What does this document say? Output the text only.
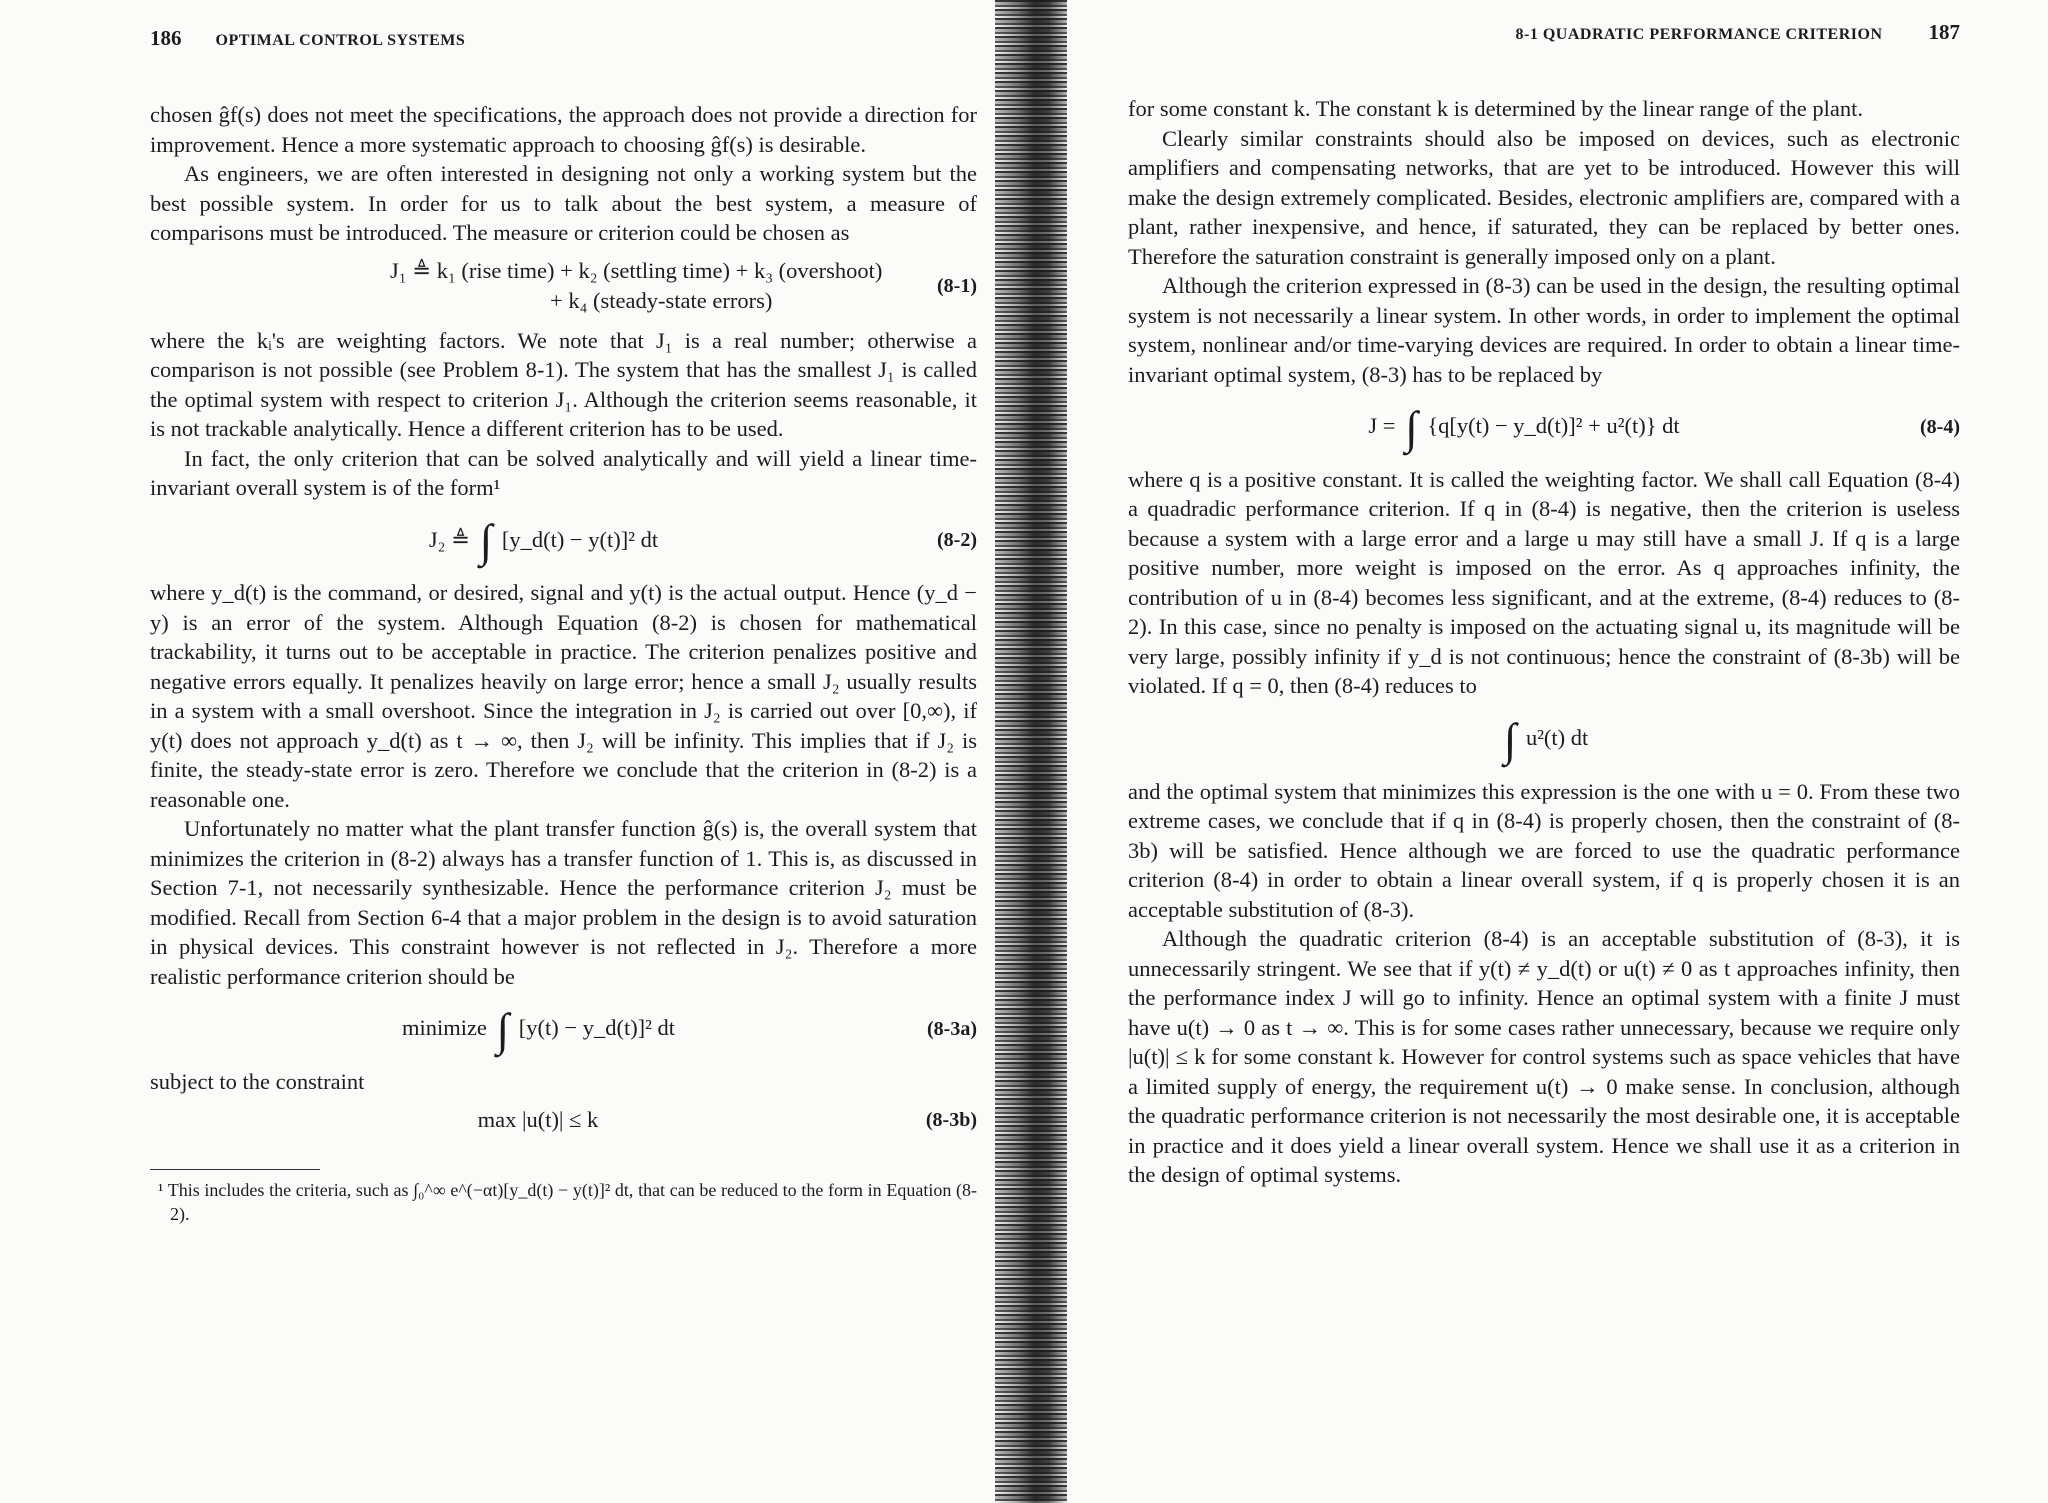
186 OPTIMAL CONTROL SYSTEMS

chosen ĝf(s) does not meet the specifications, the approach does not provide a direction for improvement. Hence a more systematic approach to choosing ĝf(s) is desirable.

As engineers, we are often interested in designing not only a working system but the best possible system. In order for us to talk about the best system, a measure of comparisons must be introduced. The measure or criterion could be chosen as

J₁ ≜ k₁ (rise time) + k₂ (settling time) + k₃ (overshoot)
+ k₄ (steady-state errors)
(8-1)

where the kᵢ's are weighting factors. We note that J₁ is a real number; otherwise a comparison is not possible (see Problem 8-1). The system that has the smallest J₁ is called the optimal system with respect to criterion J₁. Although the criterion seems reasonable, it is not trackable analytically. Hence a different criterion has to be used.

In fact, the only criterion that can be solved analytically and will yield a linear time-invariant overall system is of the form¹

J₂ ≜ ∫ [y_d(t) − y(t)]² dt	(8-2)

where y_d(t) is the command, or desired, signal and y(t) is the actual output. Hence (y_d − y) is an error of the system. Although Equation (8-2) is chosen for mathematical trackability, it turns out to be acceptable in practice. The criterion penalizes positive and negative errors equally. It penalizes heavily on large error; hence a small J₂ usually results in a system with a small overshoot. Since the integration in J₂ is carried out over [0,∞), if y(t) does not approach y_d(t) as t → ∞, then J₂ will be infinity. This implies that if J₂ is finite, the steady-state error is zero. Therefore we conclude that the criterion in (8-2) is a reasonable one.

Unfortunately no matter what the plant transfer function ĝ(s) is, the overall system that minimizes the criterion in (8-2) always has a transfer function of 1. This is, as discussed in Section 7-1, not necessarily synthesizable. Hence the performance criterion J₂ must be modified. Recall from Section 6-4 that a major problem in the design is to avoid saturation in physical devices. This constraint however is not reflected in J₂. Therefore a more realistic performance criterion should be

minimize ∫ [y(t) − y_d(t)]² dt	(8-3a)

subject to the constraint

max |u(t)| ≤ k	(8-3b)

¹ This includes the criteria, such as ∫₀^∞ e^(−αt)[y_d(t) − y(t)]² dt, that can be reduced to the form in Equation (8-2).

8-1 QUADRATIC PERFORMANCE CRITERION 187

for some constant k. The constant k is determined by the linear range of the plant.

Clearly similar constraints should also be imposed on devices, such as electronic amplifiers and compensating networks, that are yet to be introduced. However this will make the design extremely complicated. Besides, electronic amplifiers are, compared with a plant, rather inexpensive, and hence, if saturated, they can be replaced by better ones. Therefore the saturation constraint is generally imposed only on a plant.

Although the criterion expressed in (8-3) can be used in the design, the resulting optimal system is not necessarily a linear system. In other words, in order to implement the optimal system, nonlinear and/or time-varying devices are required. In order to obtain a linear time-invariant optimal system, (8-3) has to be replaced by

J = ∫ {q[y(t) − y_d(t)]² + u²(t)} dt	(8-4)

where q is a positive constant. It is called the weighting factor. We shall call Equation (8-4) a quadradic performance criterion. If q in (8-4) is negative, then the criterion is useless because a system with a large error and a large u may still have a small J. If q is a large positive number, more weight is imposed on the error. As q approaches infinity, the contribution of u in (8-4) becomes less significant, and at the extreme, (8-4) reduces to (8-2). In this case, since no penalty is imposed on the actuating signal u, its magnitude will be very large, possibly infinity if y_d is not continuous; hence the constraint of (8-3b) will be violated. If q = 0, then (8-4) reduces to

∫ u²(t) dt

and the optimal system that minimizes this expression is the one with u = 0. From these two extreme cases, we conclude that if q in (8-4) is properly chosen, then the constraint of (8-3b) will be satisfied. Hence although we are forced to use the quadratic performance criterion (8-4) in order to obtain a linear overall system, if q is properly chosen it is an acceptable substitution of (8-3).

Although the quadratic criterion (8-4) is an acceptable substitution of (8-3), it is unnecessarily stringent. We see that if y(t) ≠ y_d(t) or u(t) ≠ 0 as t approaches infinity, then the performance index J will go to infinity. Hence an optimal system with a finite J must have u(t) → 0 as t → ∞. This is for some cases rather unnecessary, because we require only |u(t)| ≤ k for some constant k. However for control systems such as space vehicles that have a limited supply of energy, the requirement u(t) → 0 make sense. In conclusion, although the quadratic performance criterion is not necessarily the most desirable one, it is acceptable in practice and it does yield a linear overall system. Hence we shall use it as a criterion in the design of optimal systems.
